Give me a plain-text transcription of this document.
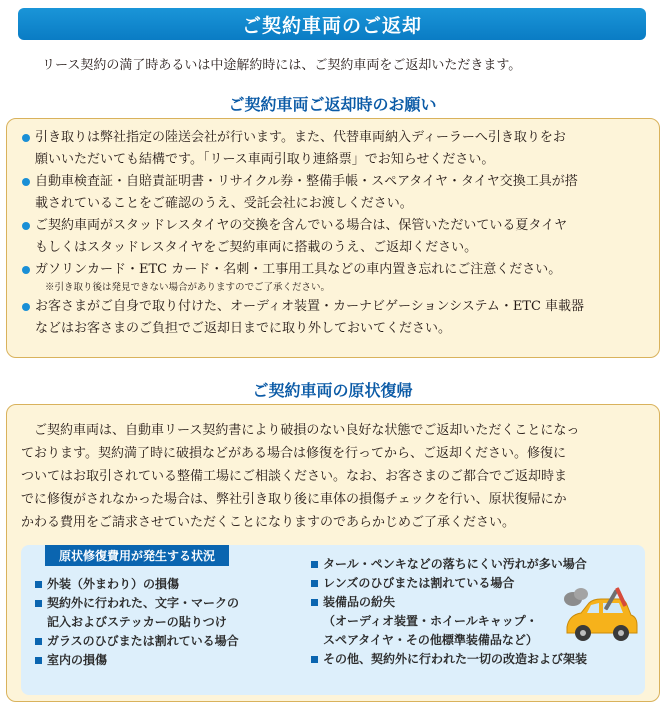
ご契約車両のご返却

リース契約の満了時あるいは中途解約時には、ご契約車両をご返却いただきます。

ご契約車両ご返却時のお願い
引き取りは弊社指定の陸送会社が行います。また、代替車両納入ディーラーへ引き取りをお
願いいただいても結構です。「リース車両引取り連絡票」でお知らせください。
自動車検査証・自賠責証明書・リサイクル券・整備手帳・スペアタイヤ・タイヤ交換工具が搭
載されていることをご確認のうえ、受託会社にお渡しください。
ご契約車両がスタッドレスタイヤの交換を含んでいる場合は、保管いただいている夏タイヤ
もしくはスタッドレスタイヤをご契約車両に搭載のうえ、ご返却ください。
ガソリンカード・ETC カード・名刺・工事用工具などの車内置き忘れにご注意ください。
※引き取り後は発見できない場合がありますのでご了承ください。
お客さまがご自身で取り付けた、オーディオ装置・カーナビゲーションシステム・ETC 車載器
などはお客さまのご負担でご返却日までに取り外しておいてください。
ご契約車両の原状復帰

ご契約車両は、自動車リース契約書により破損のない良好な状態でご返却いただくことになっ
ております。契約満了時に破損などがある場合は修復を行ってから、ご返却ください。修復に
ついてはお取引されている整備工場にご相談ください。なお、お客さまのご都合でご返却時ま
でに修復がされなかった場合は、弊社引き取り後に車体の損傷チェックを行い、原状復帰にか
かわる費用をご請求させていただくことになりますのであらかじめご了承ください。

原状修復費用が発生する状況
外装（外まわり）の損傷
契約外に行われた、文字・マークの
記入およびステッカーの貼りつけ
ガラスのひびまたは割れている場合
室内の損傷
タール・ペンキなどの落ちにくい汚れが多い場合
レンズのひびまたは割れている場合
装備品の紛失
（オーディオ装置・ホイールキャップ・
スペアタイヤ・その他標準装備品など）
その他、契約外に行われた一切の改造および架装
